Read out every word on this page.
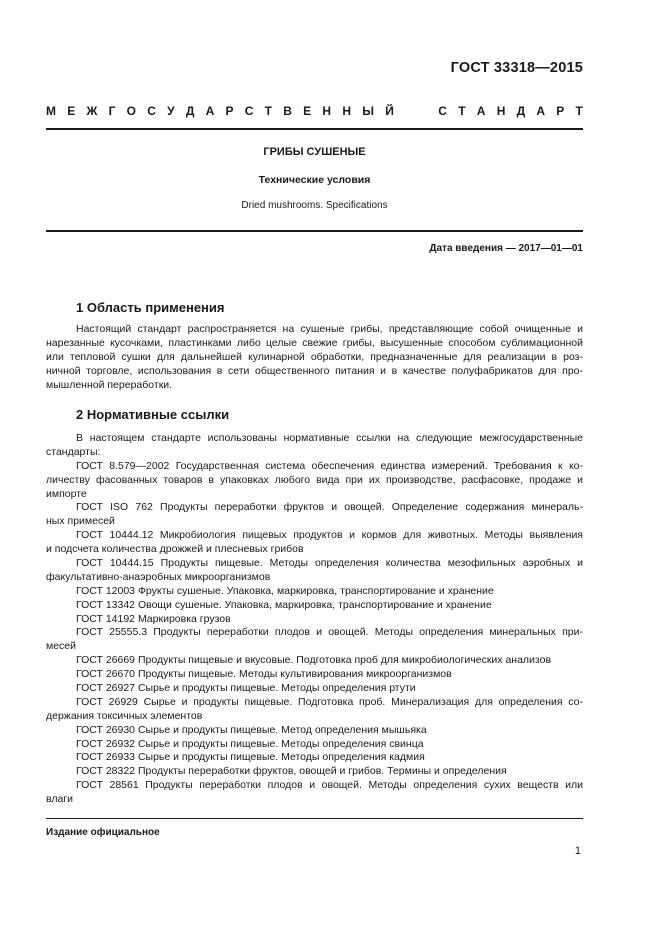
ГОСТ 33318—2015
М Е Ж Г О С У Д А Р С Т В Е Н Н Ы Й	С Т А Н Д А Р Т
ГРИБЫ СУШЕНЫЕ
Технические условия
Dried mushrooms. Specifications
Дата введения — 2017—01—01
1 Область применения
Настоящий стандарт распространяется на сушеные грибы, представляющие собой очищенные и
нарезанные кусочками, пластинками либо целые свежие грибы, высушенные способом сублимационной
или тепловой сушки для дальнейшей кулинарной обработки, предназначенные для реализации в роз-
ничной торговле, использования в сети общественного питания и в качестве полуфабрикатов для про-
мышленной переработки.
2 Нормативные ссылки
В настоящем стандарте использованы нормативные ссылки на следующие межгосударственные
стандарты:
ГОСТ 8.579—2002 Государственная система обеспечения единства измерений. Требования к ко-
личеству фасованных товаров в упаковках любого вида при их производстве, расфасовке, продаже и
импорте
ГОСТ ISO 762 Продукты переработки фруктов и овощей. Определение содержания минераль-
ных примесей
ГОСТ 10444.12 Микробиология пищевых продуктов и кормов для животных. Методы выявления
и подсчета количества дрожжей и плесневых грибов
ГОСТ 10444.15 Продукты пищевые. Методы определения количества мезофильных аэробных и
факультативно-анаэробных микроорганизмов
ГОСТ 12003 Фрукты сушеные. Упаковка, маркировка, транспортирование и хранение
ГОСТ 13342 Овощи сушеные. Упаковка, маркировка, транспортирование и хранение
ГОСТ 14192 Маркировка грузов
ГОСТ 25555.3 Продукты переработки плодов и овощей. Методы определения минеральных при-
месей
ГОСТ 26669 Продукты пищевые и вкусовые. Подготовка проб для микробиологических анализов
ГОСТ 26670 Продукты пищевые. Методы культивирования микроорганизмов
ГОСТ 26927 Сырье и продукты пищевые. Методы определения ртути
ГОСТ 26929 Сырье и продукты пищевые. Подготовка проб. Минерализация для определения со-
держания токсичных элементов
ГОСТ 26930 Сырье и продукты пищевые. Метод определения мышьяка
ГОСТ 26932 Сырье и продукты пищевые. Методы определения свинца
ГОСТ 26933 Сырье и продукты пищевые. Методы определения кадмия
ГОСТ 28322 Продукты переработки фруктов, овощей и грибов. Термины и определения
ГОСТ 28561 Продукты переработки плодов и овощей. Методы определения сухих веществ или
влаги
Издание официальное
1
